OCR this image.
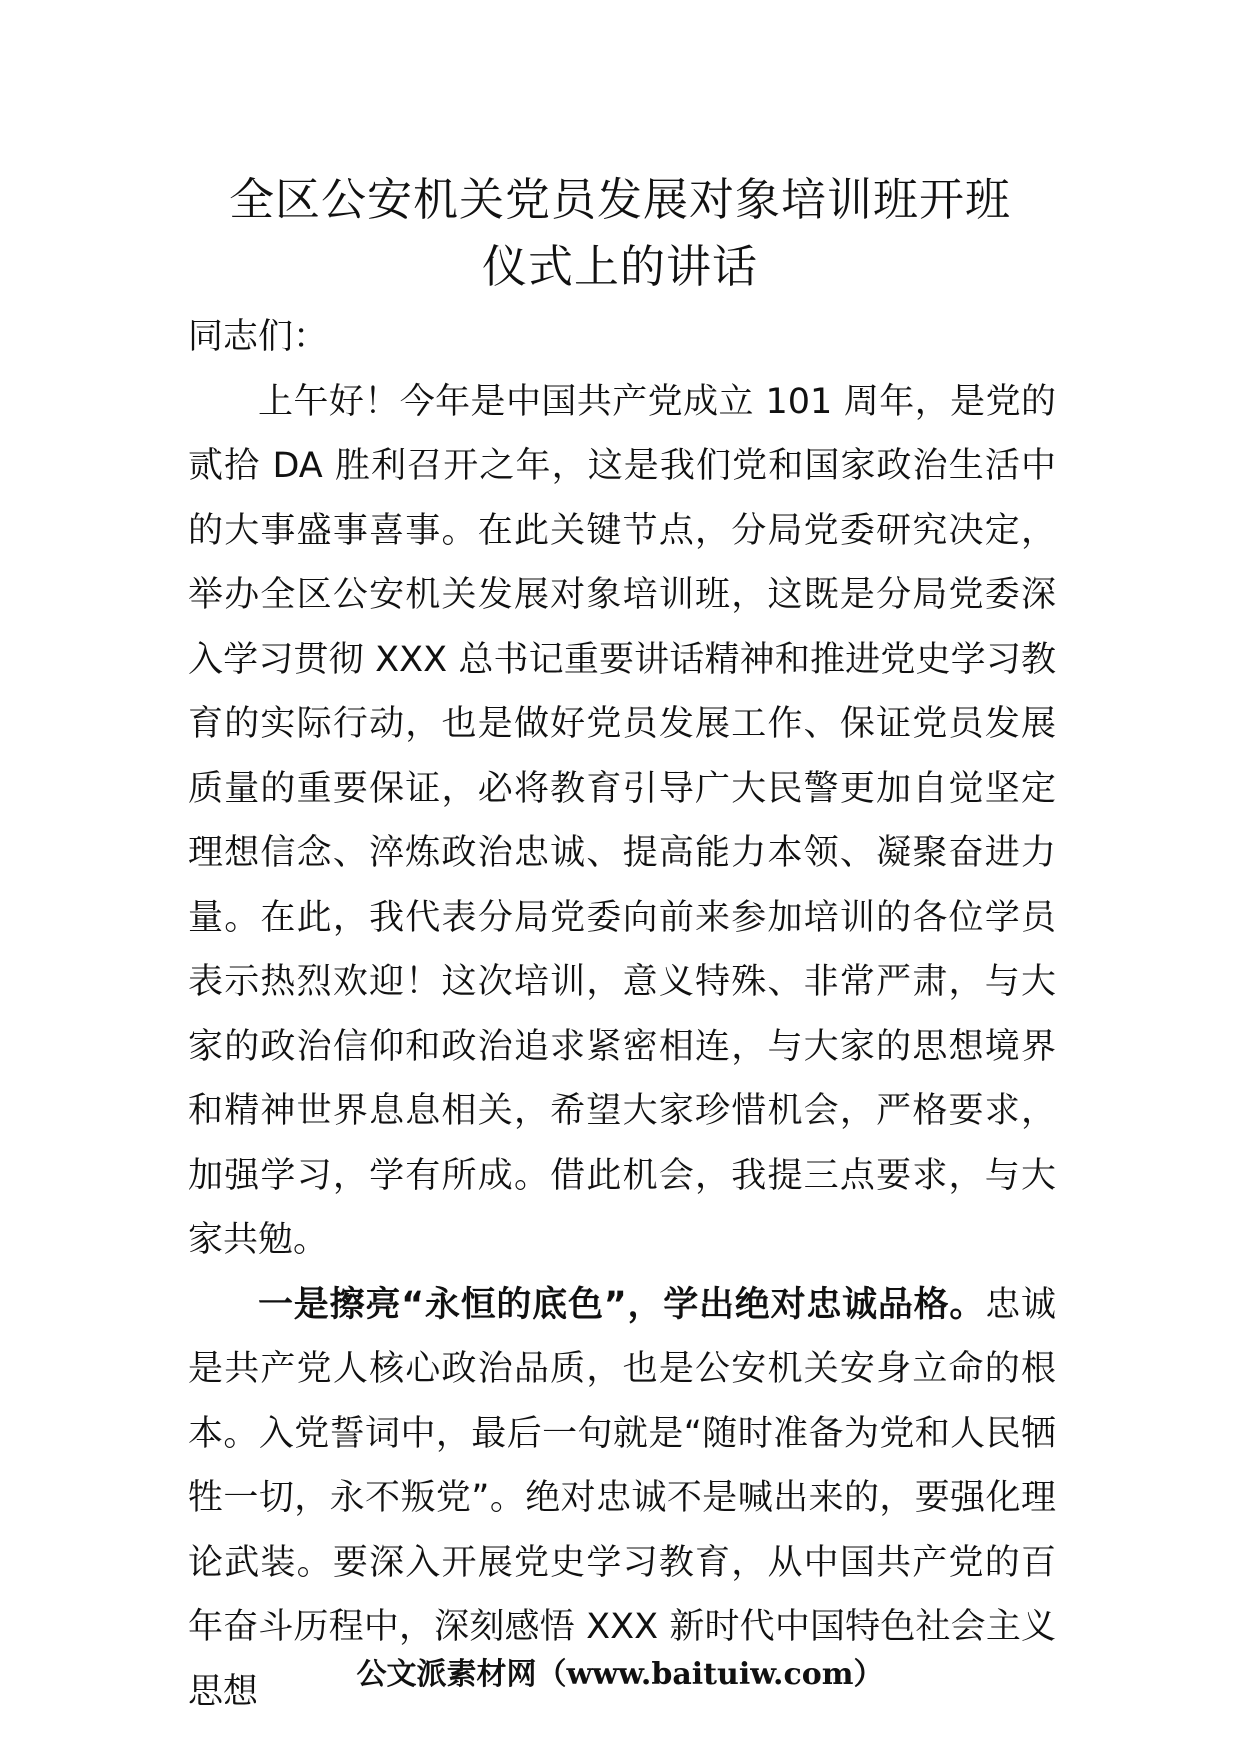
全区公安机关党员发展对象培训班开班
仪式上的讲话

同志们：

上午好！今年是中国共产党成立 101 周年，是党的贰拾 DA 胜利召开之年，这是我们党和国家政治生活中的大事盛事喜事。在此关键节点，分局党委研究决定，举办全区公安机关发展对象培训班，这既是分局党委深入学习贯彻 XXX 总书记重要讲话精神和推进党史学习教育的实际行动，也是做好党员发展工作、保证党员发展质量的重要保证，必将教育引导广大民警更加自觉坚定理想信念、淬炼政治忠诚、提高能力本领、凝聚奋进力量。在此，我代表分局党委向前来参加培训的各位学员表示热烈欢迎！这次培训，意义特殊、非常严肃，与大家的政治信仰和政治追求紧密相连，与大家的思想境界和精神世界息息相关，希望大家珍惜机会，严格要求，加强学习，学有所成。借此机会，我提三点要求，与大家共勉。

一是擦亮“永恒的底色”，学出绝对忠诚品格。忠诚是共产党人核心政治品质，也是公安机关安身立命的根本。入党誓词中，最后一句就是“随时准备为党和人民牺牲一切，永不叛党”。绝对忠诚不是喊出来的，要强化理论武装。要深入开展党史学习教育，从中国共产党的百年奋斗历程中，深刻感悟 XXX 新时代中国特色社会主义思想	公文派素材网（www.baituiw.com）
